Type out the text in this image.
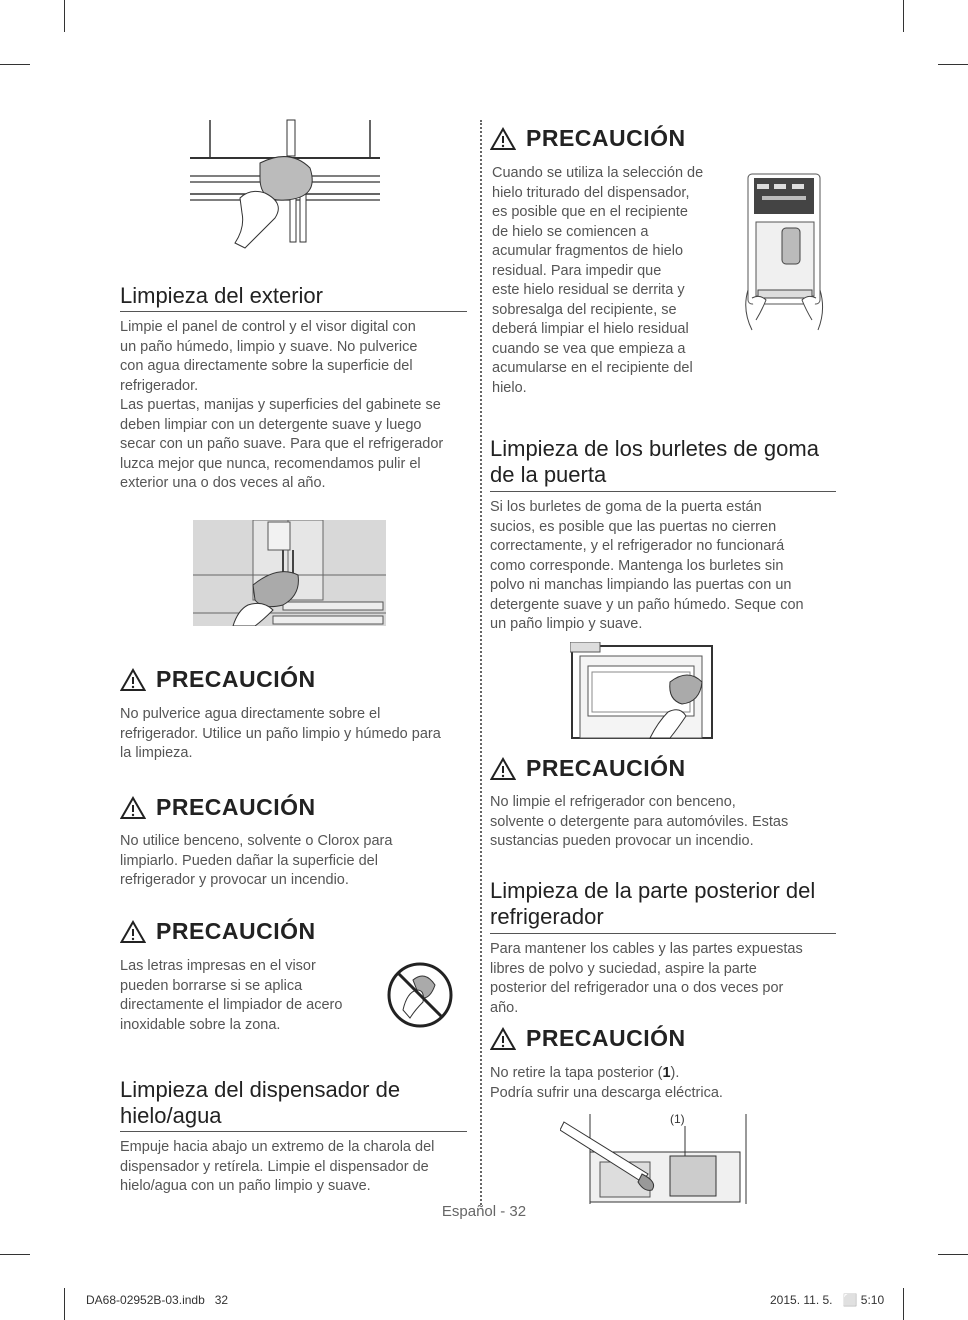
Limpieza del exterior
Limpie el panel de control y el visor digital con
un paño húmedo, limpio y suave. No pulverice
con agua directamente sobre la superficie del
refrigerador.
Las puertas, manijas y superficies del gabinete se
deben limpiar con un detergente suave y luego
secar con un paño suave. Para que el refrigerador
luzca mejor que nunca, recomendamos pulir el
exterior una o dos veces al año.
PRECAUCIÓN
No pulverice agua directamente sobre el
refrigerador. Utilice un paño limpio y húmedo para
la limpieza.
PRECAUCIÓN
No utilice benceno, solvente o Clorox para
limpiarlo. Pueden dañar la superficie del
refrigerador y provocar un incendio.
PRECAUCIÓN
Las letras impresas en el visor
pueden borrarse si se aplica
directamente el limpiador de acero
inoxidable sobre la zona.
Limpieza del dispensador de
hielo/agua
Empuje hacia abajo un extremo de la charola del
dispensador y retírela. Limpie el dispensador de
hielo/agua con un paño limpio y suave.
PRECAUCIÓN
Cuando se utiliza la selección de
hielo triturado del dispensador,
es posible que en el recipiente
de hielo se comiencen a
acumular fragmentos de hielo
residual. Para impedir que
este hielo residual se derrita y
sobresalga del recipiente, se
deberá limpiar el hielo residual
cuando se vea que empieza a
acumularse en el recipiente del
hielo.
Limpieza de los burletes de goma
de la puerta
Si los burletes de goma de la puerta están
sucios, es posible que las puertas no cierren
correctamente, y el refrigerador no funcionará
como corresponde. Mantenga los burletes sin
polvo ni manchas limpiando las puertas con un
detergente suave y un paño húmedo. Seque con
un paño limpio y suave.
PRECAUCIÓN
No limpie el refrigerador con benceno,
solvente o detergente para automóviles. Estas
sustancias pueden provocar un incendio.
Limpieza de la parte posterior del
refrigerador
Para mantener los cables y las partes expuestas
libres de polvo y suciedad, aspire la parte
posterior del refrigerador una o dos veces por
año.
PRECAUCIÓN
No retire la tapa posterior (1).
Podría sufrir una descarga eléctrica.
(1)
Español - 32
DA68-02952B-03.indb   32	2015. 11. 5.   ⬜ 5:10
